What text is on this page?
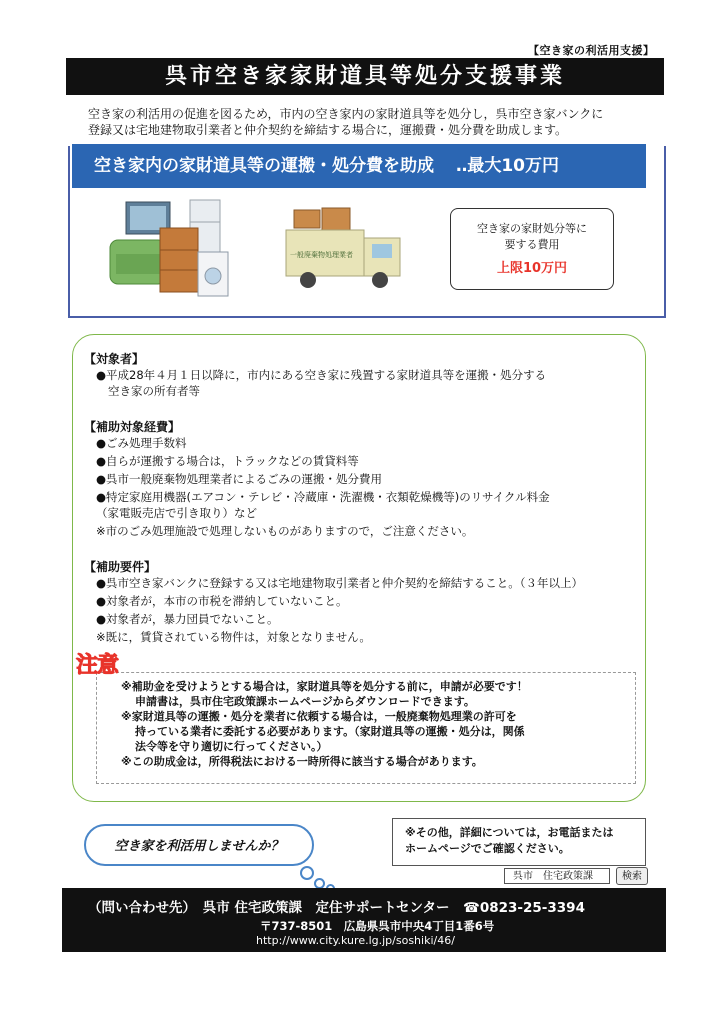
【空き家の利活用支援】
呉市空き家家財道具等処分支援事業
空き家の利活用の促進を図るため，市内の空き家内の家財道具等を処分し，呉市空き家バンクに
登録又は宅地建物取引業者と仲介契約を締結する場合に，運搬費・処分費を助成します。
空き家内の家財道具等の運搬・処分費を助成 ‥最大10万円
一般廃棄物処理業者
空き家の家財処分等に
要する費用
上限10万円
【対象者】
●平成28年４月１日以降に，市内にある空き家に残置する家財道具等を運搬・処分する
空き家の所有者等
【補助対象経費】
●ごみ処理手数料
●自らが運搬する場合は，トラックなどの賃貸料等
●呉市一般廃棄物処理業者によるごみの運搬・処分費用
●特定家庭用機器(エアコン・テレビ・冷蔵庫・洗濯機・衣類乾燥機等)のリサイクル料金
（家電販売店で引き取り）など
※市のごみ処理施設で処理しないものがありますので，ご注意ください。
【補助要件】
●呉市空き家バンクに登録する又は宅地建物取引業者と仲介契約を締結すること。（３年以上）
●対象者が，本市の市税を滞納していないこと。
●対象者が，暴力団員でないこと。
※既に，賃貸されている物件は，対象となりません。
※補助金を受けようとする場合は，家財道具等を処分する前に，申請が必要です！
申請書は，呉市住宅政策課ホームページからダウンロードできます。
※家財道具等の運搬・処分を業者に依頼する場合は，一般廃棄物処理業の許可を
持っている業者に委託する必要があります。（家財道具等の運搬・処分は，関係
法令等を守り適切に行ってください。）
※この助成金は，所得税法における一時所得に該当する場合があります。
注意
空き家を利活用しませんか？
※その他，詳細については，お電話または
ホームページでご確認ください。
呉市　住宅政策課	検索
（問い合わせ先）　呉市 住宅政策課　定住サポートセンター　☎0823-25-3394
〒737-8501　広島県呉市中央4丁目1番6号
http://www.city.kure.lg.jp/soshiki/46/
